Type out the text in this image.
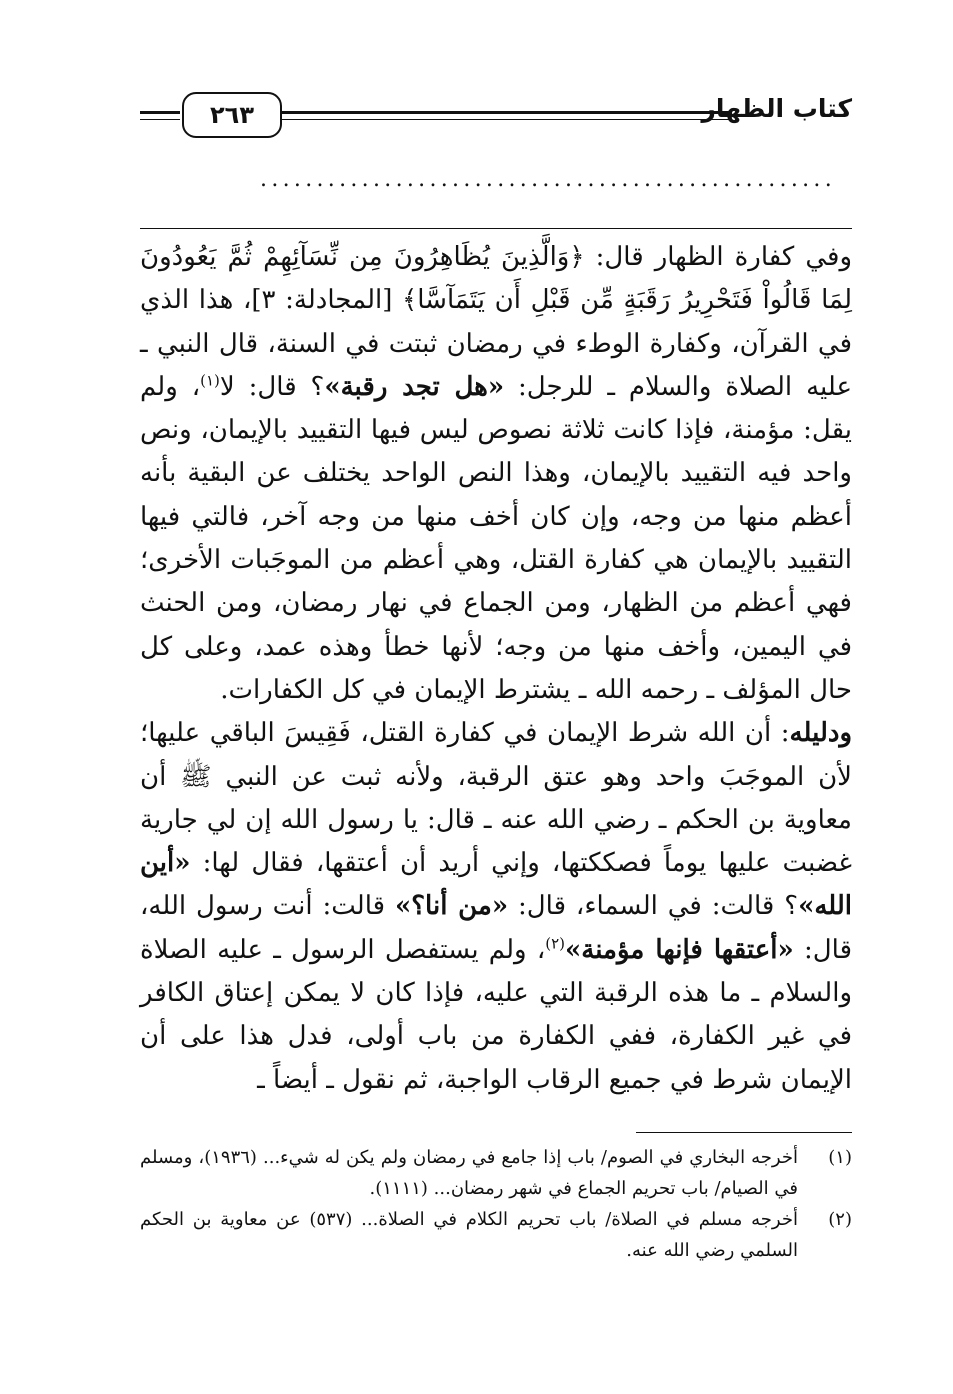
٢٦٣	كتاب الظهار
...................................................

وفي كفارة الظهار قال: ﴿وَالَّذِينَ يُظَاهِرُونَ مِن نِّسَآئِهِمْ ثُمَّ يَعُودُونَ لِمَا قَالُواْ فَتَحْرِيرُ رَقَبَةٍ مِّن قَبْلِ أَن يَتَمَآسَّا﴾ [المجادلة: ٣]، هذا الذي في القرآن، وكفارة الوطء في رمضان ثبتت في السنة، قال النبي ـ عليه الصلاة والسلام ـ للرجل: «هل تجد رقبة»؟ قال: لا$^{(١)}$، ولم يقل: مؤمنة، فإذا كانت ثلاثة نصوص ليس فيها التقييد بالإيمان، ونص واحد فيه التقييد بالإيمان، وهذا النص الواحد يختلف عن البقية بأنه أعظم منها من وجه، وإن كان أخف منها من وجه آخر، فالتي فيها التقييد بالإيمان هي كفارة القتل، وهي أعظم من الموجَبات الأخرى؛ فهي أعظم من الظهار، ومن الجماع في نهار رمضان، ومن الحنث في اليمين، وأخف منها من وجه؛ لأنها خطأ وهذه عمد، وعلى كل حال المؤلف ـ رحمه الله ـ يشترط الإيمان في كل الكفارات.

ودليله: أن الله شرط الإيمان في كفارة القتل، فَقِيسَ الباقي عليها؛ لأن الموجَبَ واحد وهو عتق الرقبة، ولأنه ثبت عن النبي ﷺ أن معاوية بن الحكم ـ رضي الله عنه ـ قال: يا رسول الله إن لي جارية غضبت عليها يوماً فصككتها، وإني أريد أن أعتقها، فقال لها: «أين الله»؟ قالت: في السماء، قال: «من أنا؟» قالت: أنت رسول الله، قال: «أعتقها فإنها مؤمنة»$^{(٢)}$، ولم يستفصل الرسول ـ عليه الصلاة والسلام ـ ما هذه الرقبة التي عليه، فإذا كان لا يمكن إعتاق الكافر في غير الكفارة، ففي الكفارة من باب أولى، فدل هذا على أن الإيمان شرط في جميع الرقاب الواجبة، ثم نقول ـ أيضاً ـ

(١)
أخرجه البخاري في الصوم/ باب إذا جامع في رمضان ولم يكن له شيء... (١٩٣٦)، ومسلم في الصيام/ باب تحريم الجماع في شهر رمضان... (١١١١).
(٢)
أخرجه مسلم في الصلاة/ باب تحريم الكلام في الصلاة... (٥٣٧) عن معاوية بن الحكم السلمي رضي الله عنه.
